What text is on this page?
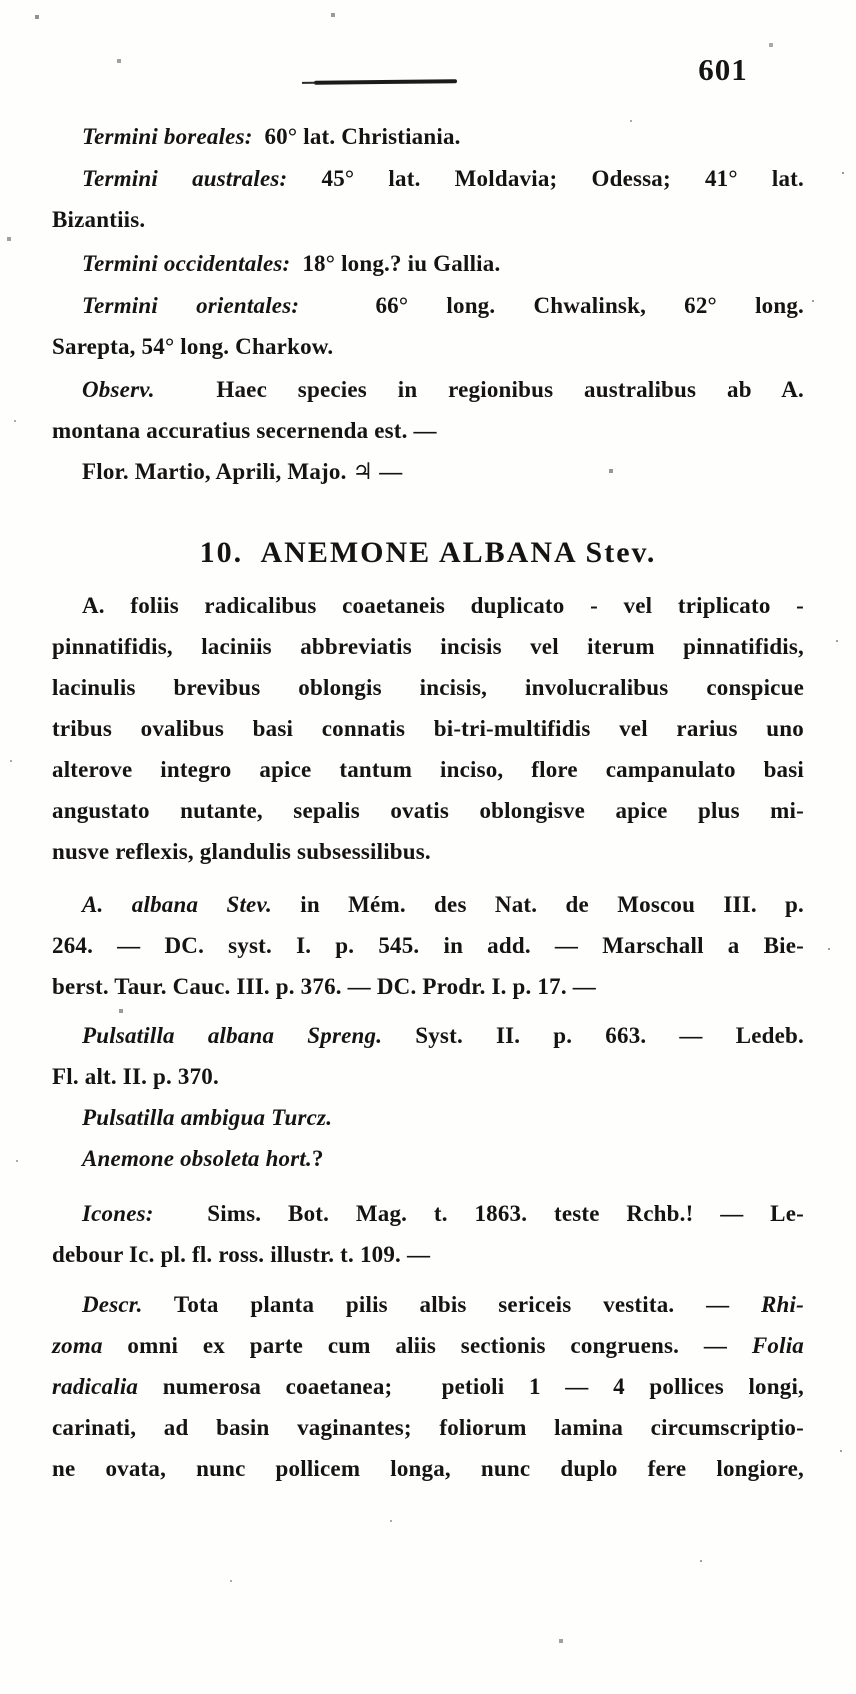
601
Termini boreales:  60° lat. Christiania.
Termini australes: 45° lat. Moldavia; Odessa; 41° lat.
Bizantiis.
Termini occidentales:  18° long.? iu Gallia.
Termini orientales:  66° long. Chwalinsk, 62° long.
Sarepta, 54° long. Charkow.
Observ.  Haec species in regionibus australibus ab A.
montana accuratius secernenda est. —
Flor. Martio, Aprili, Majo. ♃ —
10.  ANEMONE ALBANA Stev.
A. foliis radicalibus coaetaneis duplicato - vel triplicato -
pinnatifidis, laciniis abbreviatis incisis vel iterum pinnatifidis,
lacinulis brevibus oblongis incisis, involucralibus conspicue
tribus ovalibus basi connatis bi-tri-multifidis vel rarius uno
alterove integro apice tantum inciso, flore campanulato basi
angustato nutante, sepalis ovatis oblongisve apice plus mi-
nusve reflexis, glandulis subsessilibus.
A. albana Stev. in Mém. des Nat. de Moscou III. p.
264. — DC. syst. I. p. 545. in add. — Marschall a Bie-
berst. Taur. Cauc. III. p. 376. — DC. Prodr. I. p. 17. —
Pulsatilla albana Spreng. Syst. II. p. 663. — Ledeb.
Fl. alt. II. p. 370.
Pulsatilla ambigua Turcz.
Anemone obsoleta hort.?
Icones:  Sims. Bot. Mag. t. 1863. teste Rchb.! — Le-
debour Ic. pl. fl. ross. illustr. t. 109. —
Descr. Tota planta pilis albis sericeis vestita. — Rhi-
zoma omni ex parte cum aliis sectionis congruens. — Folia
radicalia numerosa coaetanea;  petioli 1 — 4 pollices longi,
carinati, ad basin vaginantes; foliorum lamina circumscriptio-
ne ovata, nunc pollicem longa, nunc duplo fere longiore,
